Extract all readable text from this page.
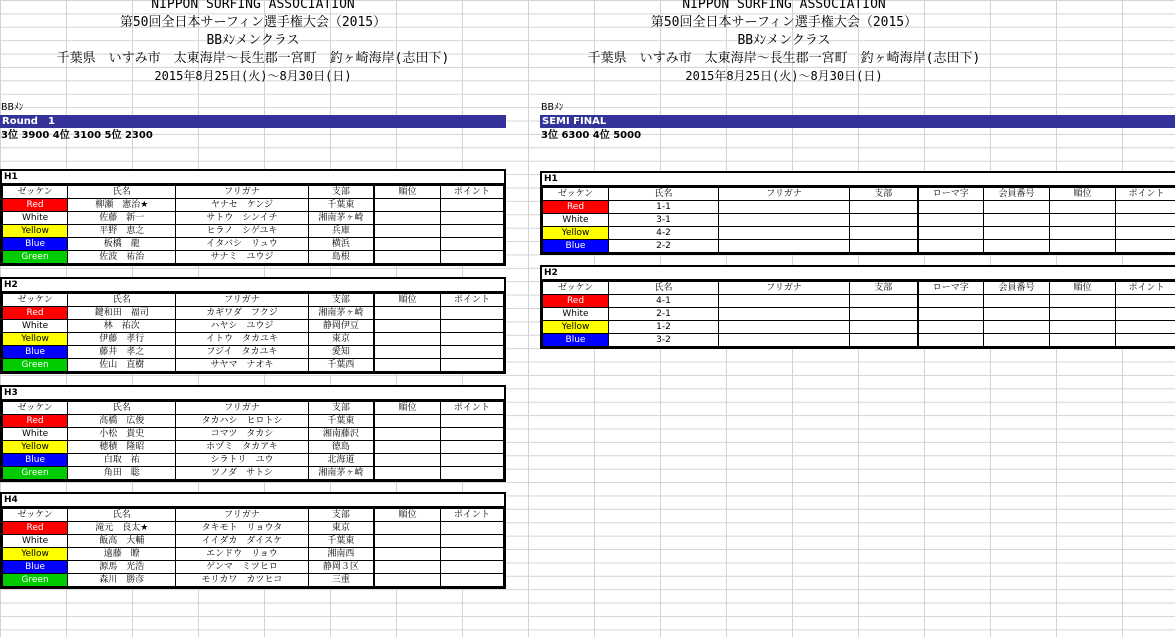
NIPPON SURFING ASSOCIATION
第50回全日本サーフィン選手権大会（2015）
BBﾒﾝメンクラス
千葉県　いすみ市　太東海岸～長生郡一宮町　釣ヶ崎海岸(志田下)
2015年8月25日(火)～8月30日(日)
BBﾒﾝ
Round　1
3位 3900 4位 3100 5位 2300
H1
ゼッケン	氏名	フリガナ	支部	順位	ポイント
Red	柳瀬　憲治★	ヤナセ　ケンジ	千葉東		
White	佐藤　新一	サトウ　シンイチ	湘南茅ヶ崎		
Yellow	平野　恵之	ヒラノ　シゲユキ	兵庫		
Blue	板橋　龍	イタバシ　リュウ	横浜		
Green	佐波　祐治	サナミ　ユウジ	島根		
H2
ゼッケン	氏名	フリガナ	支部	順位	ポイント
Red	鍵和田　福司	カギワダ　フクジ	湘南茅ヶ崎		
White	林　祐次	ハヤシ　ユウジ	静岡伊豆		
Yellow	伊藤　孝行	イトウ　タカユキ	東京		
Blue	藤井　孝之	フジイ　タカユキ	愛知		
Green	佐山　直樹	サヤマ　ナオキ	千葉西		
H3
ゼッケン	氏名	フリガナ	支部	順位	ポイント
Red	高橋　広俊	タカハシ　ヒロトシ	千葉東		
White	小松　貴史	コマツ　タカシ	湘南藤沢		
Yellow	穂積　隆昭	ホヅミ　タカアキ	徳島		
Blue	白取　祐	シラトリ　ユウ	北海道		
Green	角田　聡	ツノダ　サトシ	湘南茅ヶ崎		
H4
ゼッケン	氏名	フリガナ	支部	順位	ポイント
Red	滝元　良太★	タキモト　リョウタ	東京		
White	飯高　大輔	イイダカ　ダイスケ	千葉東		
Yellow	遠藤　瞭	エンドウ　リョウ	湘南西		
Blue	源馬　光浩	ゲンマ　ミツヒロ	静岡３区		
Green	森川　勝彦	モリカワ　カツヒコ	三重		
NIPPON SURFING ASSOCIATION
第50回全日本サーフィン選手権大会（2015）
BBﾒﾝメンクラス
千葉県　いすみ市　太東海岸～長生郡一宮町　釣ヶ崎海岸(志田下)
2015年8月25日(火)～8月30日(日)
BBﾒﾝ
SEMI FINAL
3位 6300 4位 5000
H1
ゼッケン	氏名	フリガナ	支部	ローマ字	会員番号	順位	ポイント
Red	1-1						
White	3-1						
Yellow	4-2						
Blue	2-2						
H2
ゼッケン	氏名	フリガナ	支部	ローマ字	会員番号	順位	ポイント
Red	4-1						
White	2-1						
Yellow	1-2						
Blue	3-2						
